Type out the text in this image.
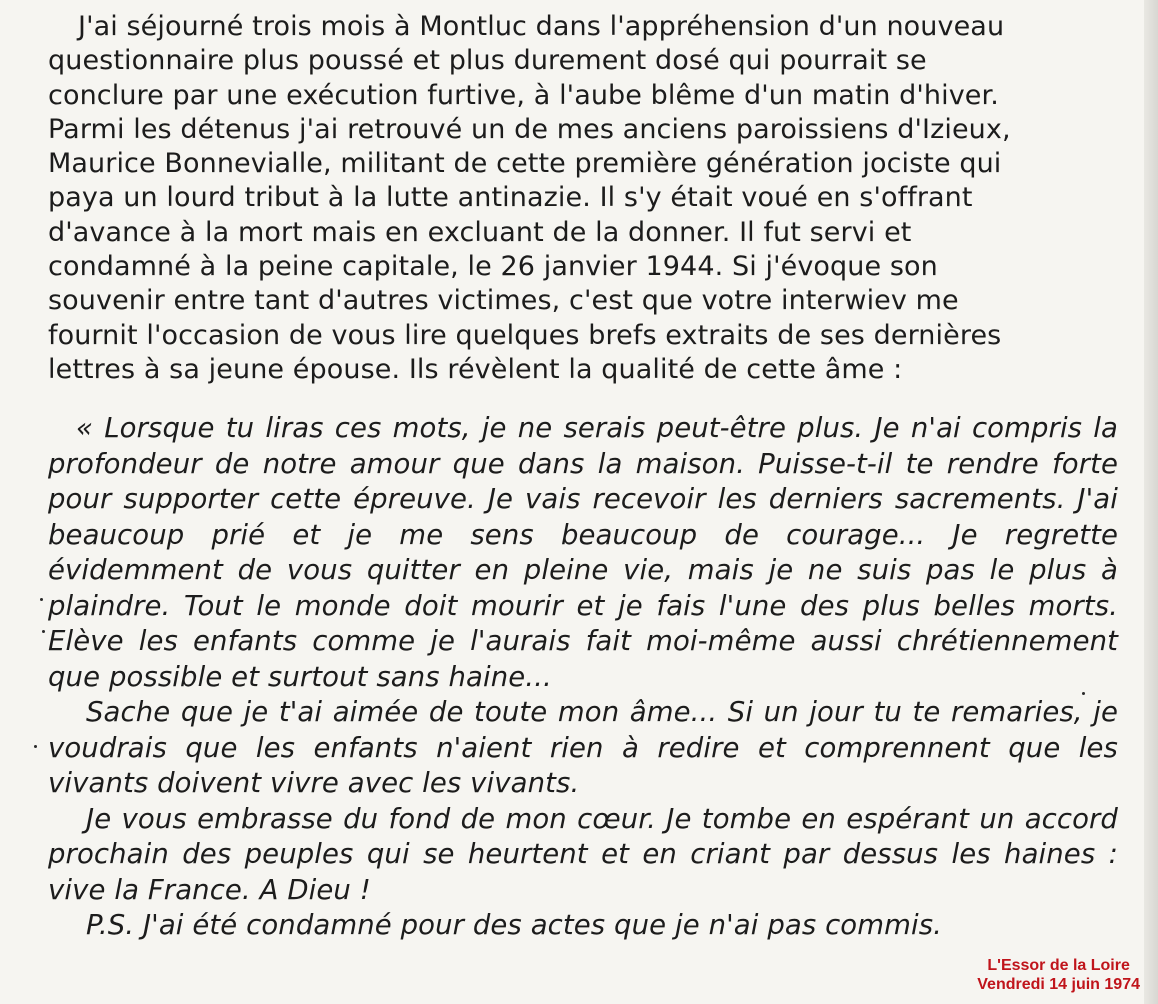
J'ai séjourné trois mois à Montluc dans l'appréhension d'un nouveau
questionnaire plus poussé et plus durement dosé qui pourrait se
conclure par une exécution furtive, à l'aube blême d'un matin d'hiver.
Parmi les détenus j'ai retrouvé un de mes anciens paroissiens d'Izieux,
Maurice Bonnevialle, militant de cette première génération jociste qui
paya un lourd tribut à la lutte antinazie. Il s'y était voué en s'offrant
d'avance à la mort mais en excluant de la donner. Il fut servi et
condamné à la peine capitale, le 26 janvier 1944. Si j'évoque son
souvenir entre tant d'autres victimes, c'est que votre interwiev me
fournit l'occasion de vous lire quelques brefs extraits de ses dernières
lettres à sa jeune épouse. Ils révèlent la qualité de cette âme :

« Lorsque tu liras ces mots, je ne serais peut-être plus. Je n'ai compris la profondeur de notre amour que dans la maison. Puisse-t-il te rendre forte pour supporter cette épreuve. Je vais recevoir les derniers sacrements. J'ai beaucoup prié et je me sens beaucoup de courage... Je regrette évidemment de vous quitter en pleine vie, mais je ne suis pas le plus à plaindre. Tout le monde doit mourir et je fais l'une des plus belles morts. Elève les enfants comme je l'aurais fait moi-même aussi chrétiennement que possible et surtout sans haine...

Sache que je t'ai aimée de toute mon âme... Si un jour tu te remaries, je voudrais que les enfants n'aient rien à redire et comprennent que les vivants doivent vivre avec les vivants.

Je vous embrasse du fond de mon cœur. Je tombe en espérant un accord prochain des peuples qui se heurtent et en criant par dessus les haines : vive la France. A Dieu !

P.S. J'ai été condamné pour des actes que je n'ai pas commis.

L'Essor de la Loire
Vendredi 14 juin 1974
